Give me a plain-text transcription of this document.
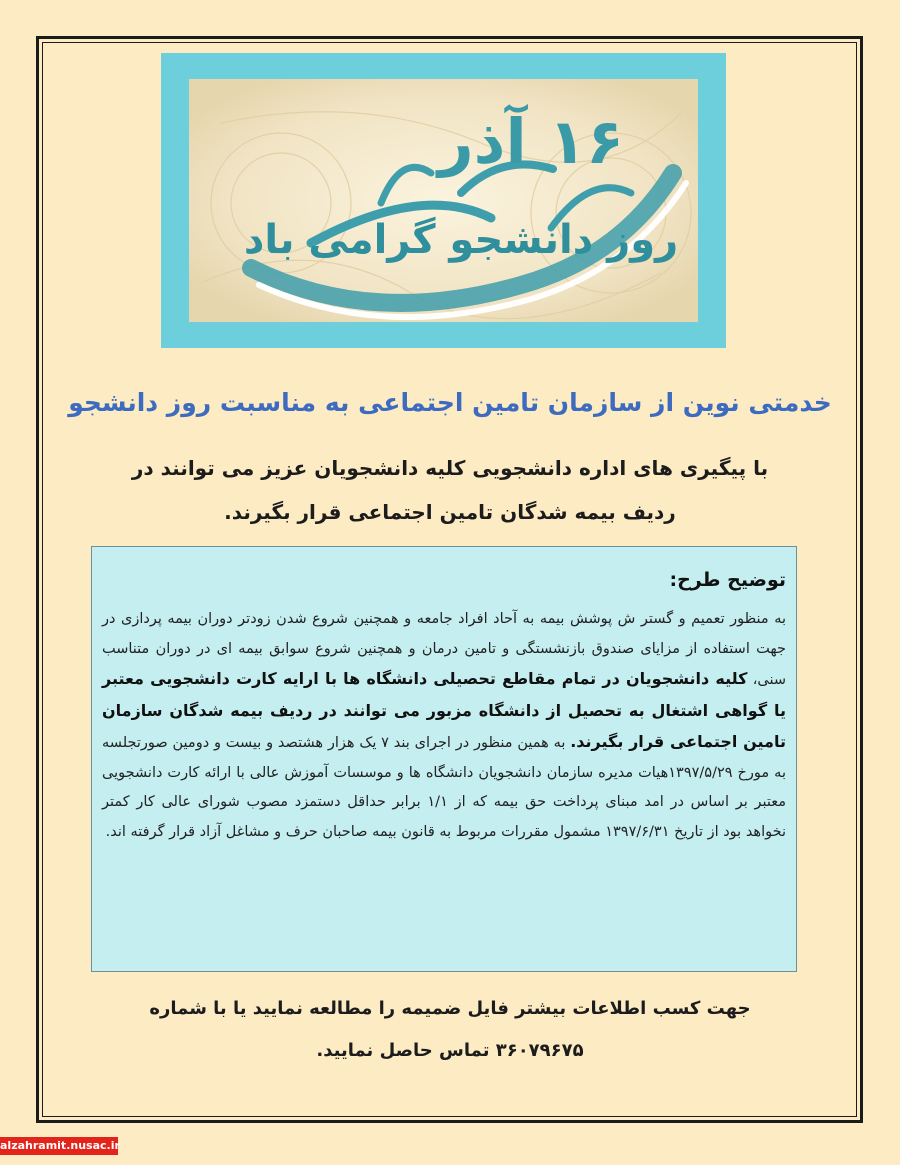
۱۶ آذر
روز دانشجو گرامی باد
خدمتی نوین از سازمان تامین اجتماعی به مناسبت روز دانشجو

با پیگیری های اداره دانشجویی کلیه دانشجویان عزیز می توانند در ردیف بیمه شدگان تامین اجتماعی قرار بگیرند.

توضیح طرح:

به منظور تعمیم و گستر ش پوشش بیمه به آحاد افراد جامعه و همچنین شروع شدن زودتر دوران بیمه پردازی در جهت استفاده از مزایای صندوق بازنشستگی و تامین درمان و همچنین شروع سوابق بیمه ای در دوران متناسب سنی، کلیه دانشجویان در تمام مقاطع تحصیلی دانشگاه ها با ارایه کارت دانشجویی معتبر یا گواهی اشتغال به تحصیل از دانشگاه مزبور می توانند در ردیف بیمه شدگان سازمان تامین اجتماعی قرار بگیرند. به همین منظور در اجرای بند ۷ یک هزار هشتصد و بیست و دومین صورتجلسه به مورخ ۱۳۹۷/۵/۲۹هیات مدیره سازمان دانشجویان دانشگاه ها و موسسات آموزش عالی با ارائه کارت دانشجویی معتبر بر اساس در امد مبنای پرداخت حق بیمه که از ۱/۱ برابر حداقل دستمزد مصوب شورای عالی کار کمتر نخواهد بود از تاریخ ۱۳۹۷/۶/۳۱ مشمول مقررات مربوط به قانون بیمه صاحبان حرف و مشاغل آزاد قرار گرفته اند.

جهت کسب اطلاعات بیشتر فایل ضمیمه را مطالعه نمایید یا با شماره ۳۶۰۷۹۶۷۵ تماس حاصل نمایید.

alzahramit.nusac.ir
